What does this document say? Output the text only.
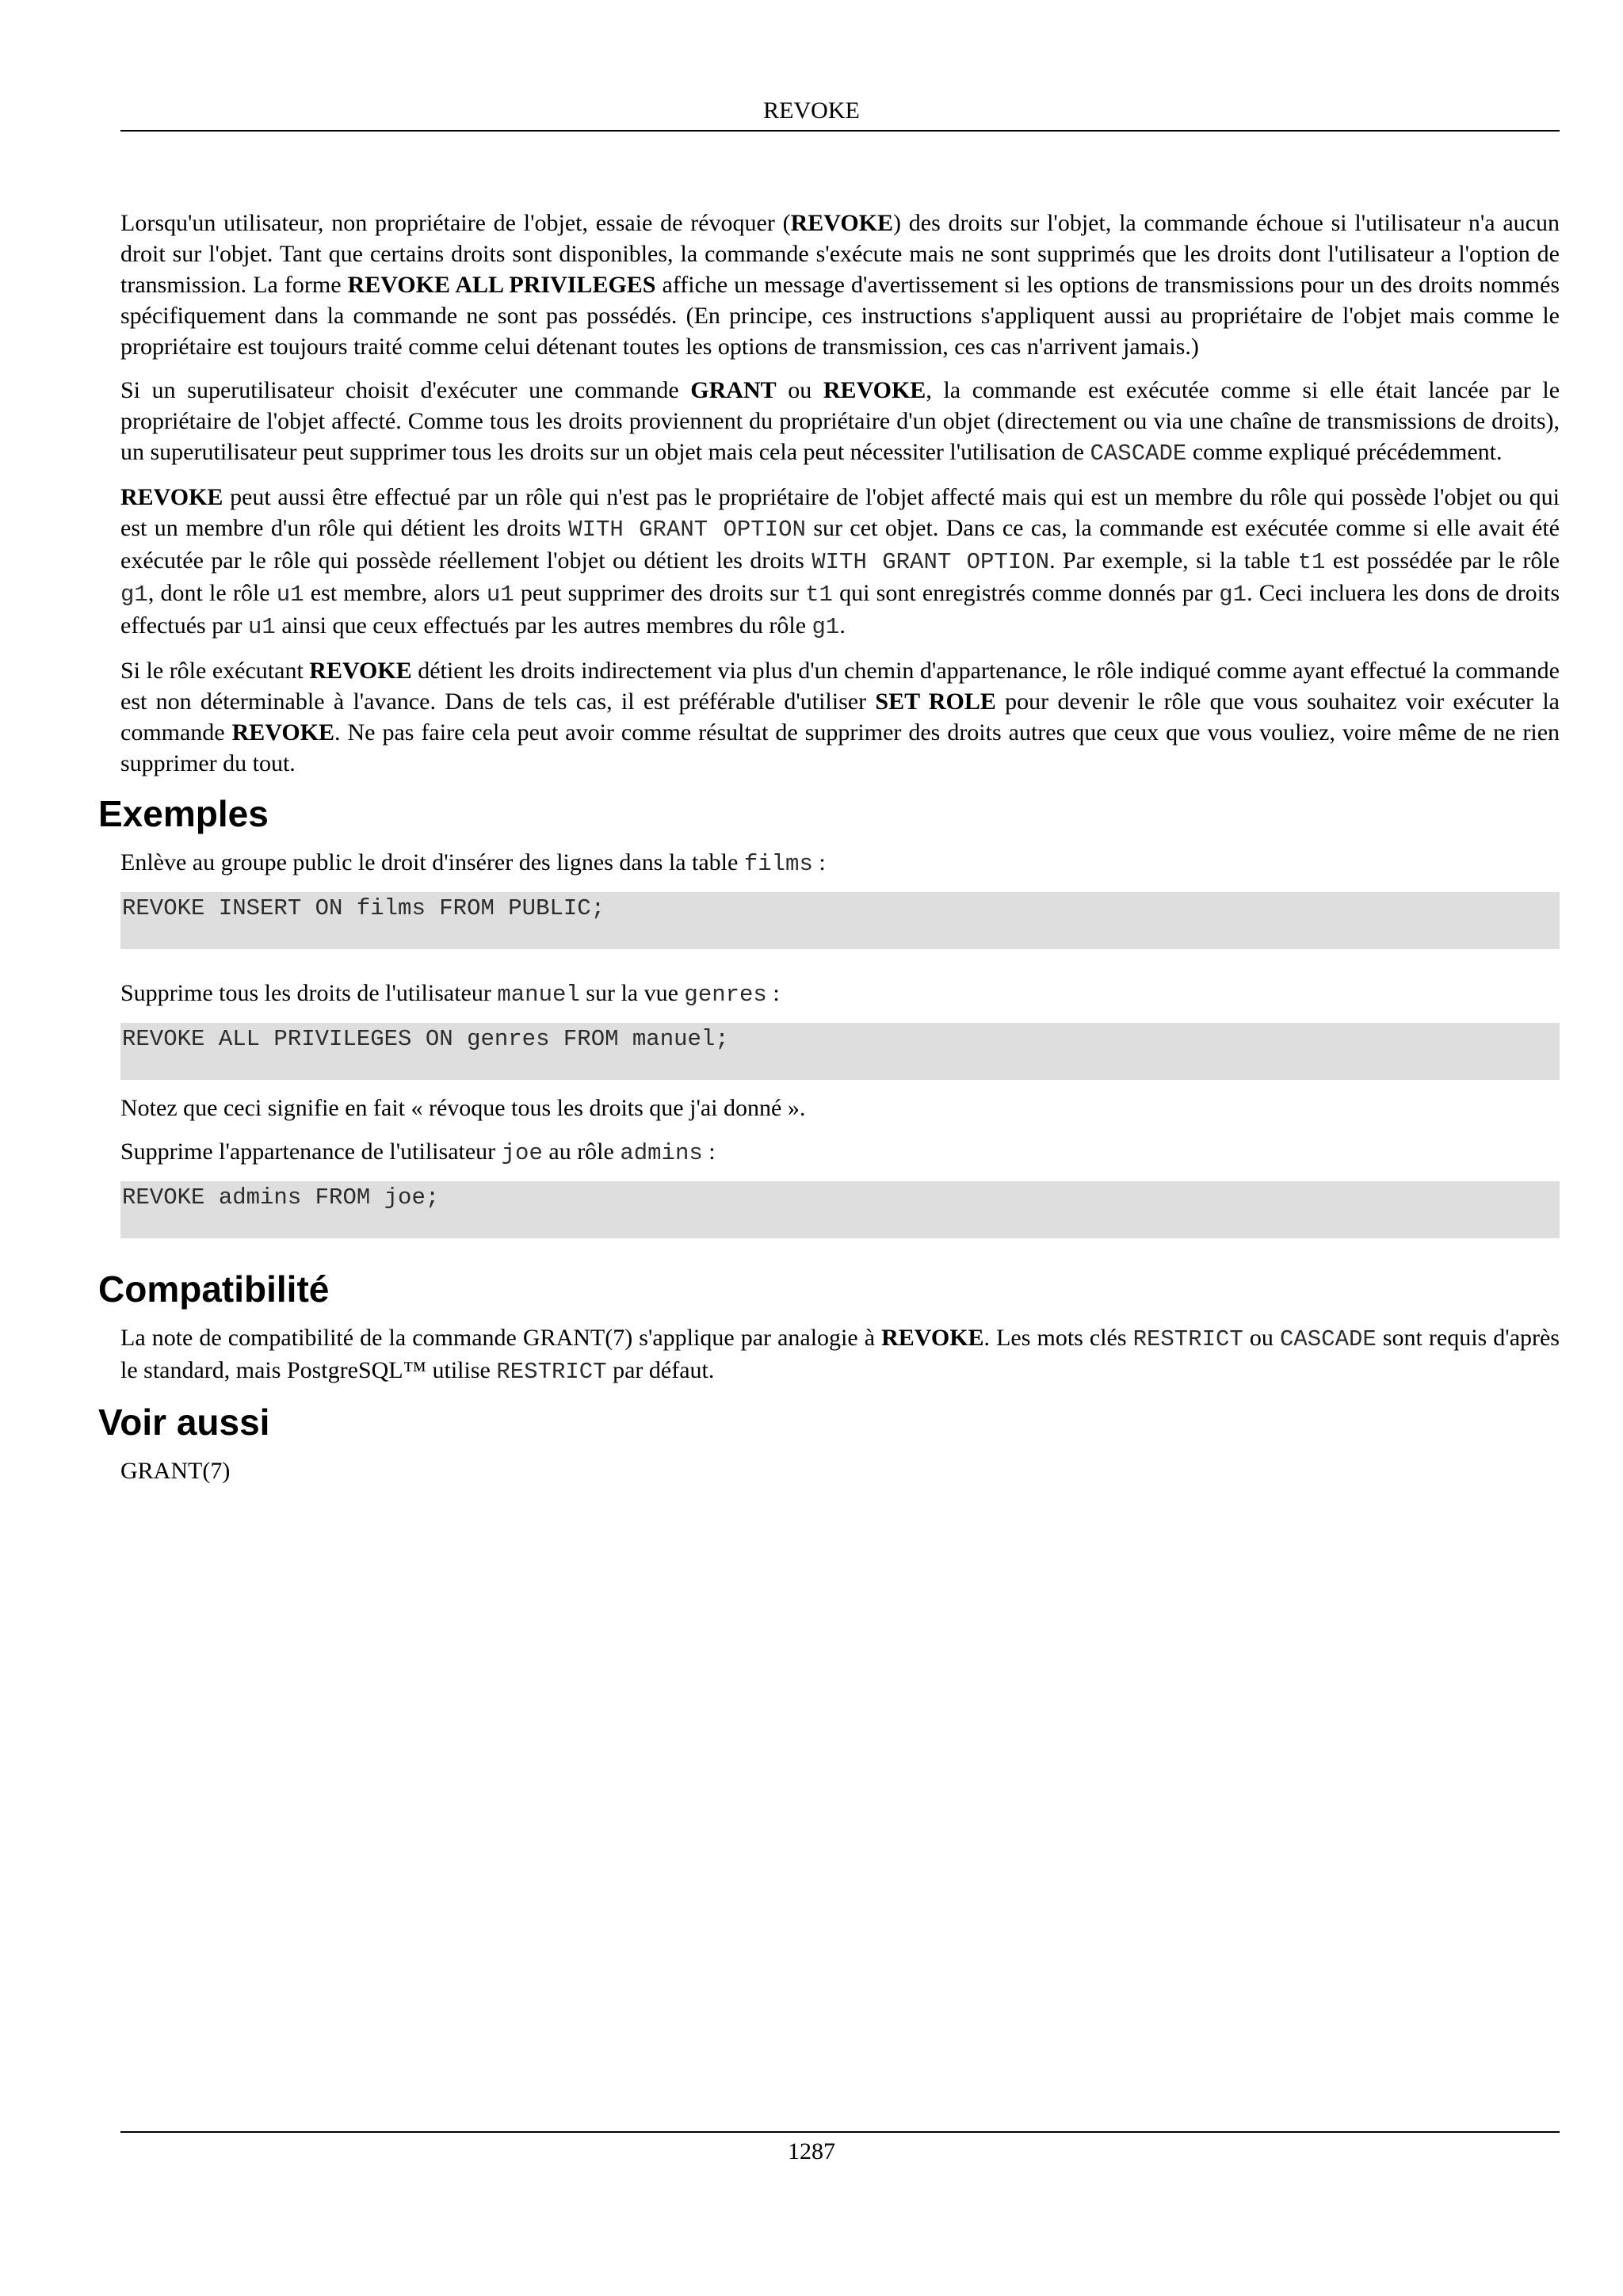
REVOKE

Lorsqu'un utilisateur, non propriétaire de l'objet, essaie de révoquer (REVOKE) des droits sur l'objet, la commande échoue si l'utilisateur n'a aucun droit sur l'objet. Tant que certains droits sont disponibles, la commande s'exécute mais ne sont supprimés que les droits dont l'utilisateur a l'option de transmission. La forme REVOKE ALL PRIVILEGES affiche un message d'avertissement si les options de transmissions pour un des droits nommés spécifiquement dans la commande ne sont pas possédés. (En principe, ces instructions s'appliquent aussi au propriétaire de l'objet mais comme le propriétaire est toujours traité comme celui détenant toutes les options de transmission, ces cas n'arrivent jamais.)

Si un superutilisateur choisit d'exécuter une commande GRANT ou REVOKE, la commande est exécutée comme si elle était lancée par le propriétaire de l'objet affecté. Comme tous les droits proviennent du propriétaire d'un objet (directement ou via une chaîne de transmissions de droits), un superutilisateur peut supprimer tous les droits sur un objet mais cela peut nécessiter l'utilisation de CASCADE comme expliqué précédemment.

REVOKE peut aussi être effectué par un rôle qui n'est pas le propriétaire de l'objet affecté mais qui est un membre du rôle qui possède l'objet ou qui est un membre d'un rôle qui détient les droits WITH GRANT OPTION sur cet objet. Dans ce cas, la commande est exécutée comme si elle avait été exécutée par le rôle qui possède réellement l'objet ou détient les droits WITH GRANT OPTION. Par exemple, si la table t1 est possédée par le rôle g1, dont le rôle u1 est membre, alors u1 peut supprimer des droits sur t1 qui sont enregistrés comme donnés par g1. Ceci incluera les dons de droits effectués par u1 ainsi que ceux effectués par les autres membres du rôle g1.

Si le rôle exécutant REVOKE détient les droits indirectement via plus d'un chemin d'appartenance, le rôle indiqué comme ayant effectué la commande est non déterminable à l'avance. Dans de tels cas, il est préférable d'utiliser SET ROLE pour devenir le rôle que vous souhaitez voir exécuter la commande REVOKE. Ne pas faire cela peut avoir comme résultat de supprimer des droits autres que ceux que vous vouliez, voire même de ne rien supprimer du tout.

Exemples

Enlève au groupe public le droit d'insérer des lignes dans la table films :

REVOKE INSERT ON films FROM PUBLIC;

Supprime tous les droits de l'utilisateur manuel sur la vue genres :

REVOKE ALL PRIVILEGES ON genres FROM manuel;

Notez que ceci signifie en fait « révoque tous les droits que j'ai donné ».

Supprime l'appartenance de l'utilisateur joe au rôle admins :

REVOKE admins FROM joe;
Compatibilité

La note de compatibilité de la commande GRANT(7) s'applique par analogie à REVOKE. Les mots clés RESTRICT ou CASCADE sont requis d'après le standard, mais PostgreSQL™ utilise RESTRICT par défaut.

Voir aussi

GRANT(7)

1287
